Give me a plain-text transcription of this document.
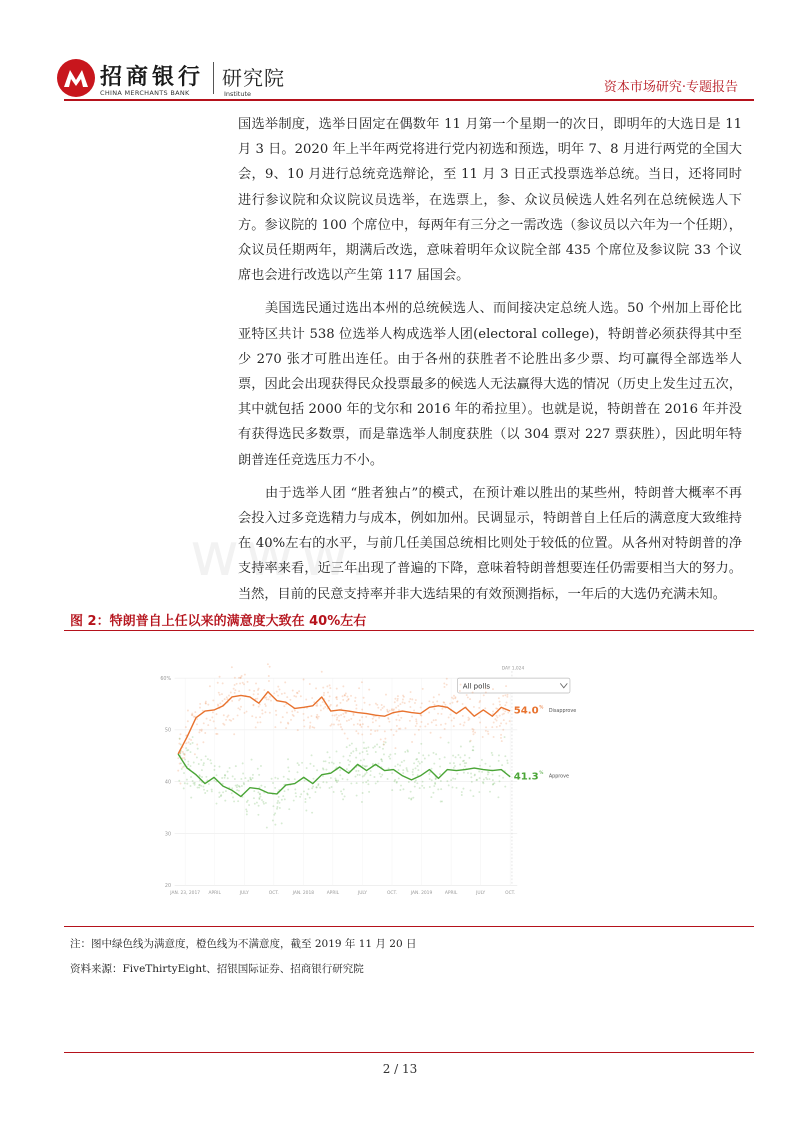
招商银行
CHINA MERCHANTS BANK
研究院
Institute	资本市场研究·专题报告

国选举制度，选举日固定在偶数年 11 月第一个星期一的次日，即明年的大选日是 11 月 3 日。2020 年上半年两党将进行党内初选和预选，明年 7、8 月进行两党的全国大会，9、10 月进行总统竞选辩论，至 11 月 3 日正式投票选举总统。当日，还将同时进行参议院和众议院议员选举，在选票上，参、众议员候选人姓名列在总统候选人下方。参议院的 100 个席位中，每两年有三分之一需改选（参议员以六年为一个任期），众议员任期两年，期满后改选，意味着明年众议院全部 435 个席位及参议院 33 个议席也会进行改选以产生第 117 届国会。

美国选民通过选出本州的总统候选人、而间接决定总统人选。50 个州加上哥伦比亚特区共计 538 位选举人构成选举人团(electoral college)，特朗普必须获得其中至少 270 张才可胜出连任。由于各州的获胜者不论胜出多少票、均可赢得全部选举人票，因此会出现获得民众投票最多的候选人无法赢得大选的情况（历史上发生过五次，其中就包括 2000 年的戈尔和 2016 年的希拉里）。也就是说，特朗普在 2016 年并没有获得选民多数票，而是靠选举人制度获胜（以 304 票对 227 票获胜），因此明年特朗普连任竞选压力不小。

由于选举人团 “胜者独占”的模式，在预计难以胜出的某些州，特朗普大概率不再会投入过多竞选精力与成本，例如加州。民调显示，特朗普自上任后的满意度大致维持在 40%左右的水平，与前几任美国总统相比则处于较低的位置。从各州对特朗普的净支持率来看，近三年出现了普遍的下降，意味着特朗普想要连任仍需要相当大的努力。当然，目前的民意支持率并非大选结果的有效预测指标，一年后的大选仍充满未知。

www.
图 2：特朗普自上任以来的满意度大致在 40%左右
20
30
40
50
60%
JAN. 23, 2017 APRIL	JULY	OCT.	JAN. 2018	APRIL	JULY	OCT.	JAN. 2019	APRIL	JULY	OCT.
DAY 1,024
All polls
54.0 %
41.3 %
Disapprove
Approve
注：图中绿色线为满意度，橙色线为不满意度，截至 2019 年 11 月 20 日
资料来源：FiveThirtyEight、招银国际证券、招商银行研究院
2 / 13
